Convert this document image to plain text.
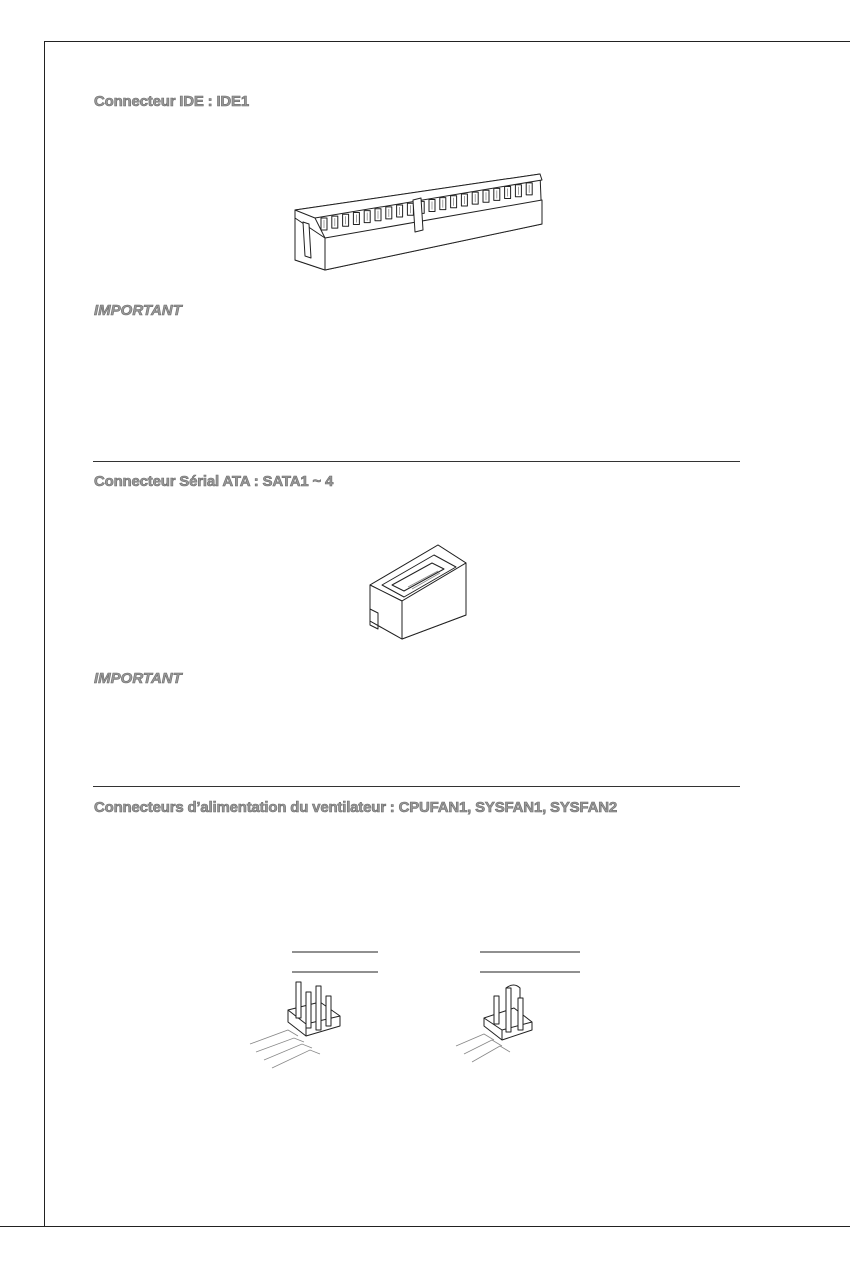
Connecteur IDE : IDE1
IMPORTANT
Connecteur Sérial ATA : SATA1 ~ 4
IMPORTANT
Connecteurs d’alimentation du ventilateur : CPUFAN1, SYSFAN1, SYSFAN2
